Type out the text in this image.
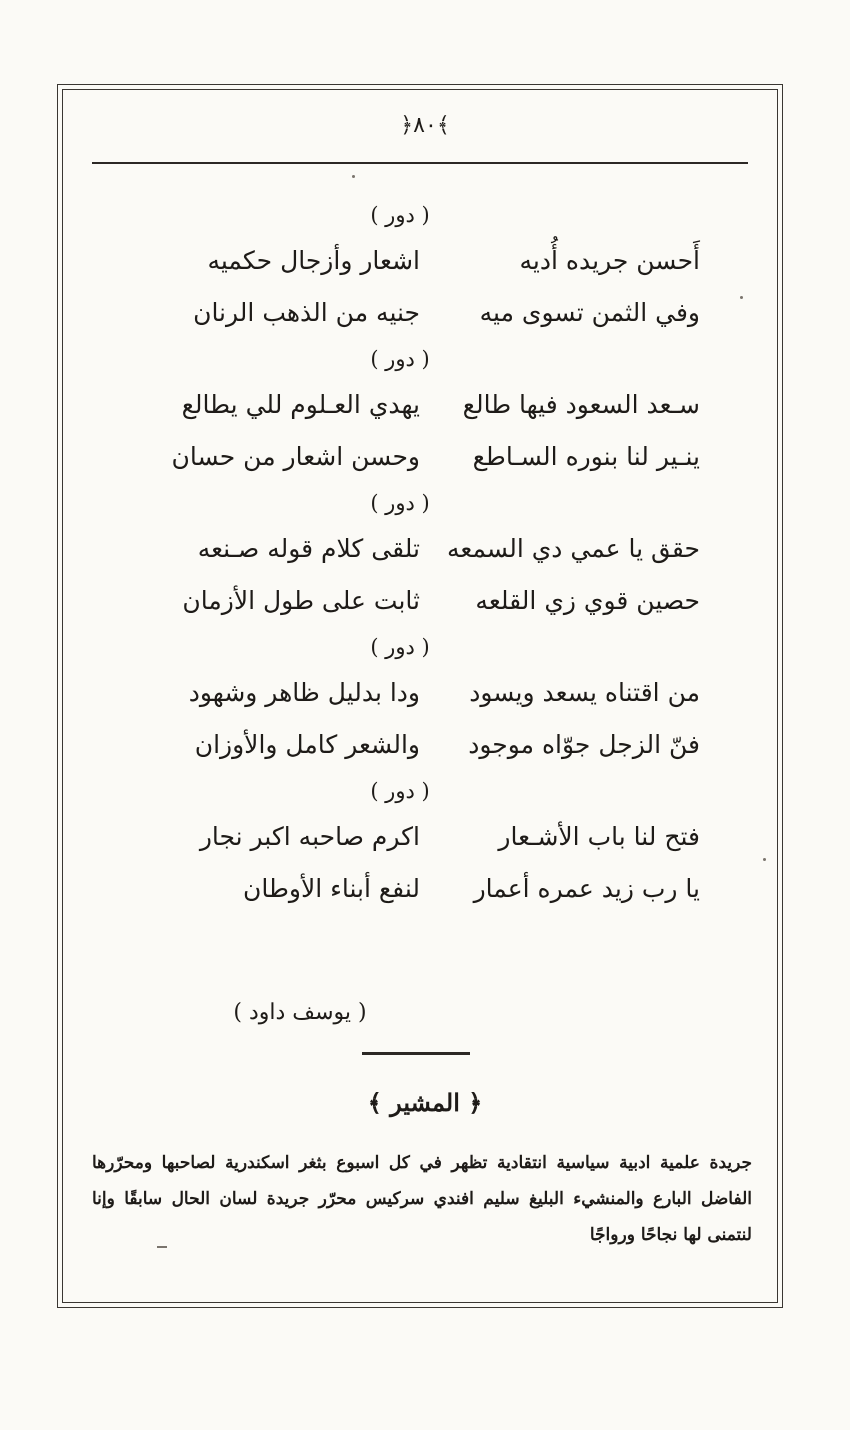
﴿٨٠﴾
( دور )
أَحسن جريده أُديه
اشعار وأزجال حكميه
وفي الثمن تسوى ميه
جنيه من الذهب الرنان
( دور )
سـعد السعود فيها طالع
يهدي العـلوم للي يطالع
ينـير لنا بنوره السـاطع
وحسن اشعار من حسان
( دور )
حقق يا عمي دي السمعه
تلقى كلام قوله صـنعه
حصين قوي زي القلعه
ثابت على طول الأزمان
( دور )
من اقتناه يسعد ويسود
ودا بدليل ظاهر وشهود
فنّ الزجل جوّاه موجود
والشعر كامل والأوزان
( دور )
فتح لنا باب الأشـعار
اكرم صاحبه اكبر نجار
يا رب زيد عمره أعمار
لنفع أبناء الأوطان
( يوسف داود )
﴿ المشير ﴾
جريدة علمية ادبية سياسية انتقادية تظهر في كل اسبوع بثغر اسكندرية لصاحبها ومحرّرها الفاضل البارع والمنشيء البليغ سليم افندي سركيس محرّر جريدة لسان الحال سابقًا وإنا لنتمنى لها نجاحًا ورواجًا
